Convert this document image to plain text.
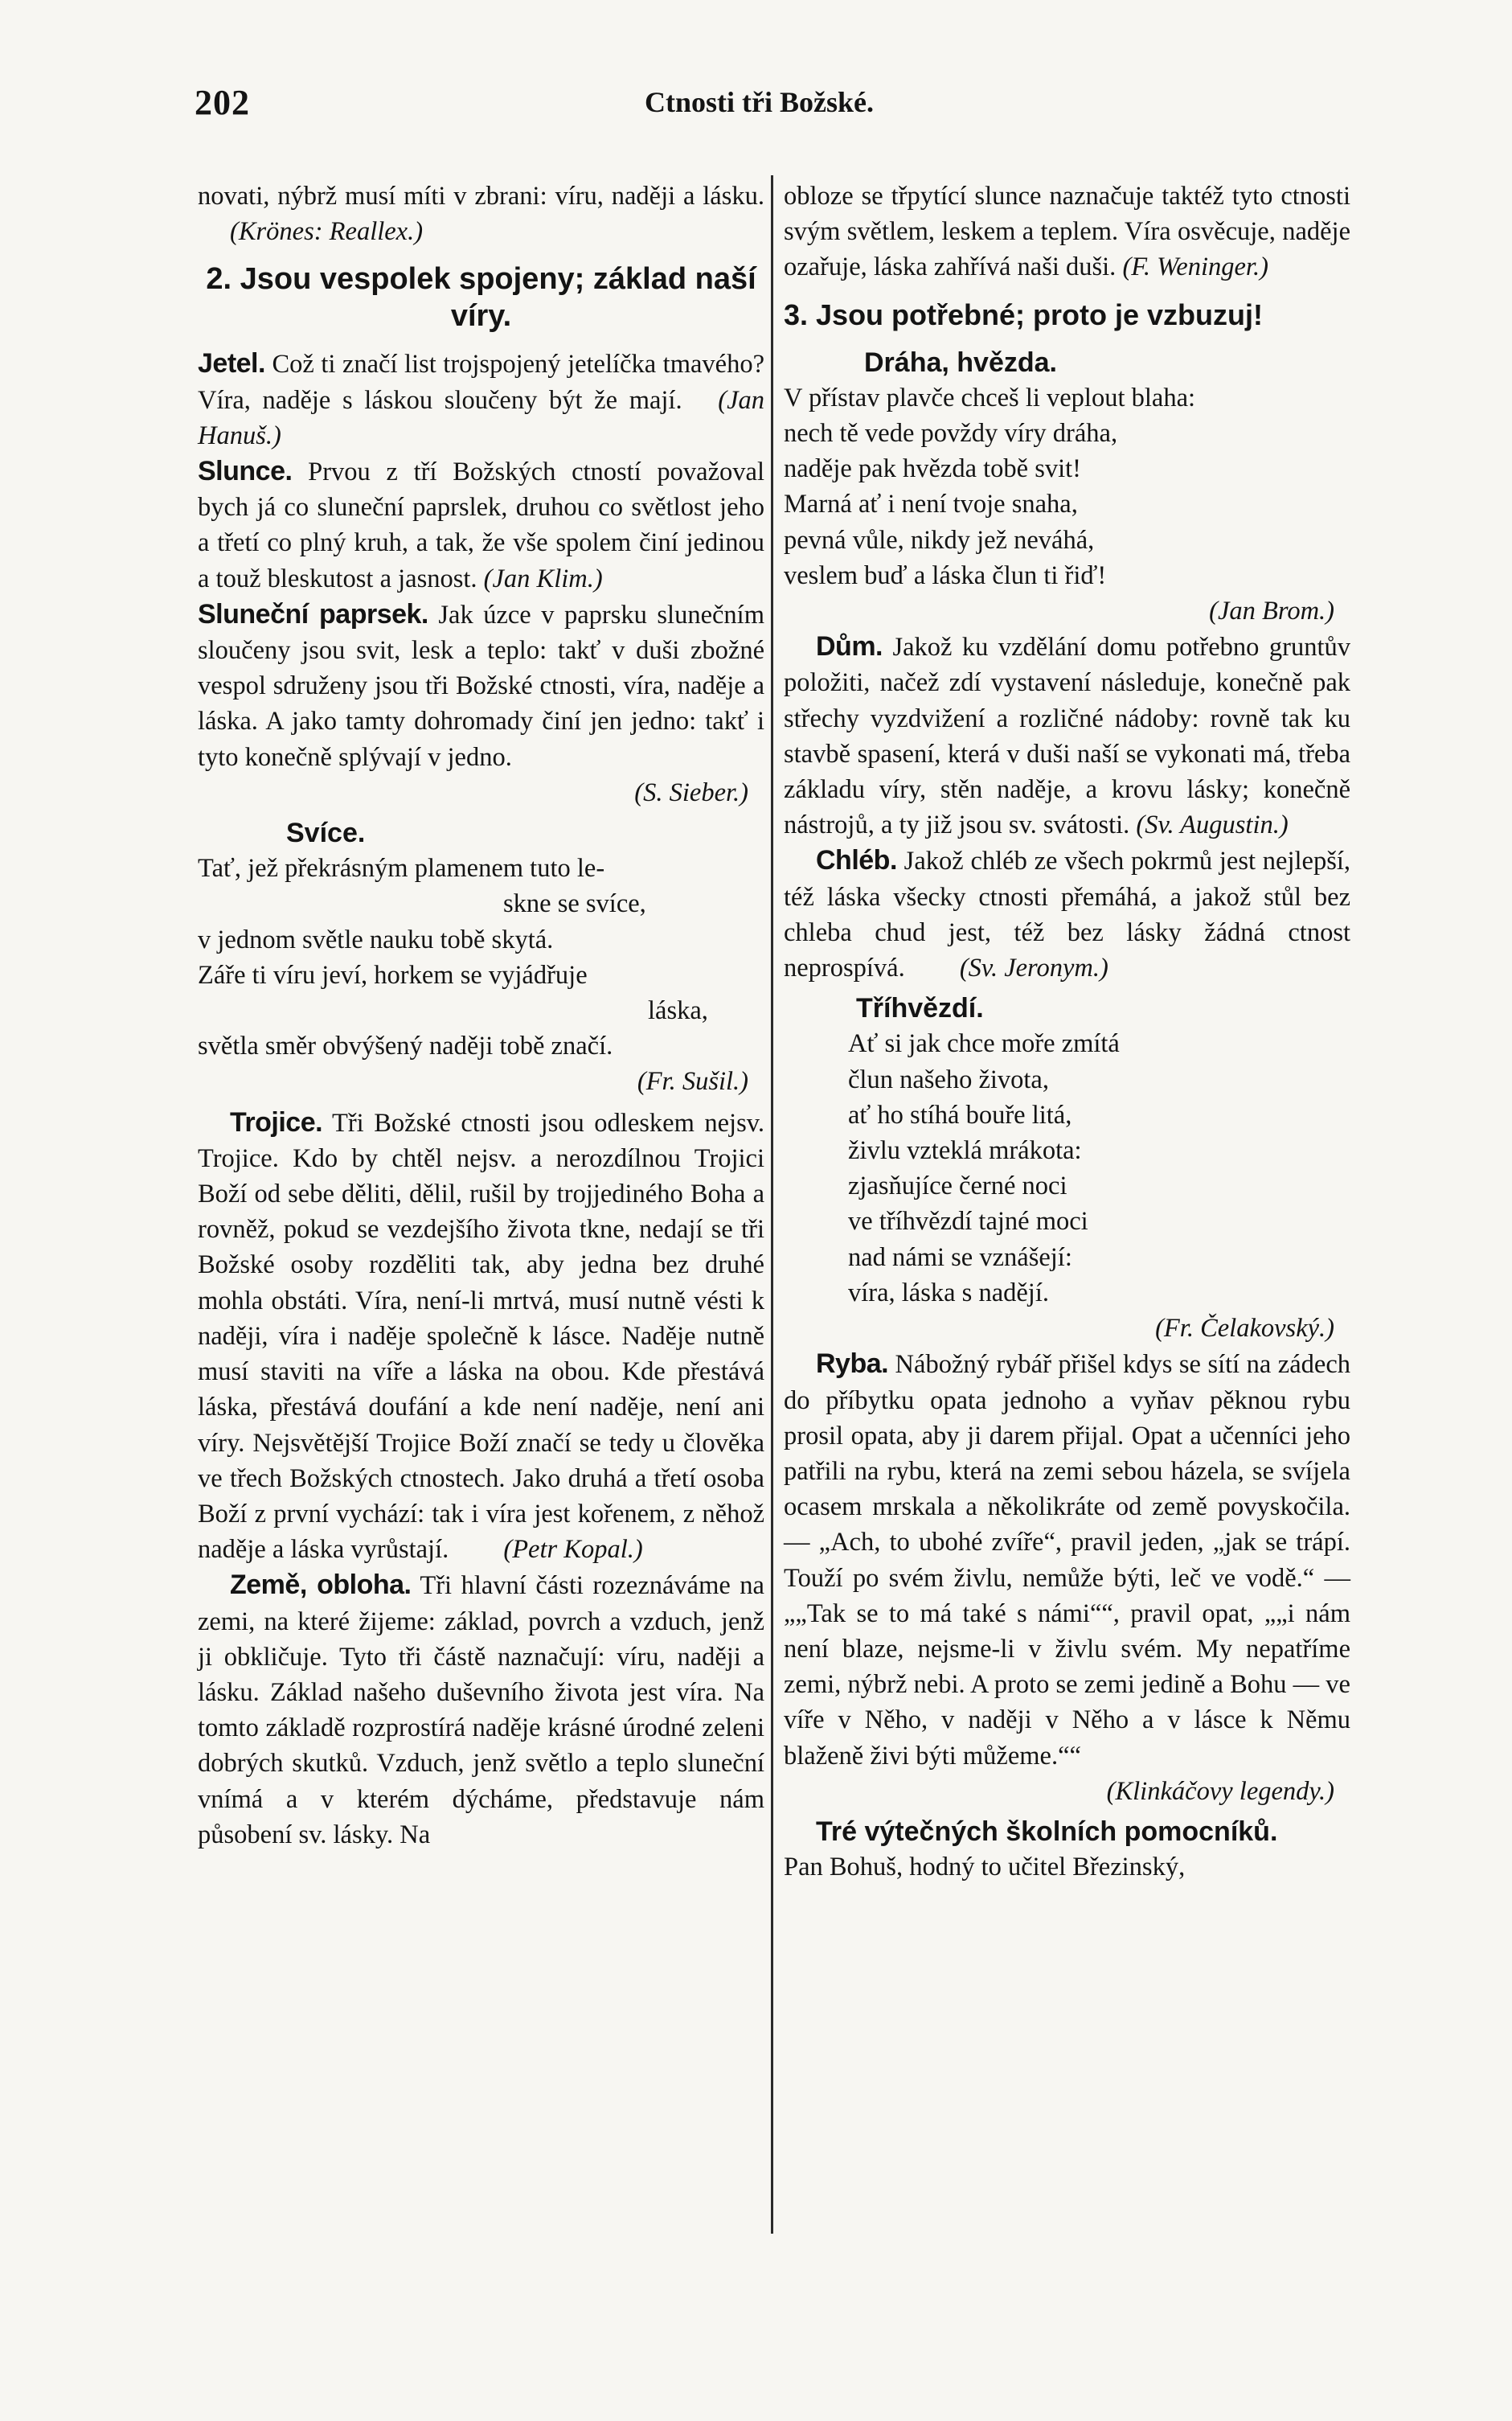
202	Ctnosti tři Božské.

novati, nýbrž musí míti v zbrani: víru, naději a lásku. (Krönes: Reallex.)

2. Jsou vespolek spojeny; základ naší víry.

Jetel. Což ti značí list trojspojený jetelíčka tmavého? Víra, naděje s láskou sloučeny být že mají. (Jan Hanuš.)

Slunce. Prvou z tří Božských ctností považoval bych já co sluneční paprslek, druhou co světlost jeho a třetí co plný kruh, a tak, že vše spolem činí jedinou a touž bleskutost a jasnost. (Jan Klim.)

Sluneční paprsek. Jak úzce v paprsku slunečním sloučeny jsou svit, lesk a teplo: takť v duši zbožné vespol sdruženy jsou tři Božské ctnosti, víra, naděje a láska. A jako tamty dohromady činí jen jedno: takť i tyto konečně splývají v jedno.

(S. Sieber.)

Svíce.

Tať, jež překrásným plamenem tuto le-

skne se svíce,

v jednom světle nauku tobě skytá.

Záře ti víru jeví, horkem se vyjádřuje

láska,

světla směr obvýšený naději tobě značí.

(Fr. Sušil.)

Trojice. Tři Božské ctnosti jsou odleskem nejsv. Trojice. Kdo by chtěl nejsv. a nerozdílnou Trojici Boží od sebe děliti, dělil, rušil by trojjediného Boha a rovněž, pokud se vezdejšího života tkne, nedají se tři Božské osoby rozděliti tak, aby jedna bez druhé mohla obstáti. Víra, není-li mrtvá, musí nutně vésti k naději, víra i naděje společně k lásce. Naděje nutně musí staviti na víře a láska na obou. Kde přestává láska, přestává doufání a kde není naděje, není ani víry. Nejsvětější Trojice Boží značí se tedy u člověka ve třech Božských ctnostech. Jako druhá a třetí osoba Boží z první vychází: tak i víra jest kořenem, z něhož naděje a láska vyrůstají. (Petr Kopal.)

Země, obloha. Tři hlavní části rozeznáváme na zemi, na které žijeme: základ, povrch a vzduch, jenž ji obkličuje. Tyto tři částě naznačují: víru, naději a lásku. Základ našeho duševního života jest víra. Na tomto základě rozprostírá naděje krásné úrodné zeleni dobrých skutků. Vzduch, jenž světlo a teplo sluneční vnímá a v kterém dýcháme, představuje nám působení sv. lásky. Na

obloze se třpytící slunce naznačuje taktéž tyto ctnosti svým světlem, leskem a teplem. Víra osvěcuje, naděje ozařuje, láska zahřívá naši duši. (F. Weninger.)

3. Jsou potřebné; proto je vzbuzuj!
Dráha, hvězda.

V přístav plavče chceš li veplout blaha:

nech tě vede povždy víry dráha,

naděje pak hvězda tobě svit!

Marná ať i není tvoje snaha,

pevná vůle, nikdy jež neváhá,

veslem buď a láska člun ti řiď!

(Jan Brom.)

Dům. Jakož ku vzdělání domu potřebno gruntův položiti, načež zdí vystavení následuje, konečně pak střechy vyzdvižení a rozličné nádoby: rovně tak ku stavbě spasení, která v duši naší se vykonati má, třeba základu víry, stěn naděje, a krovu lásky; konečně nástrojů, a ty již jsou sv. svátosti. (Sv. Augustin.)

Chléb. Jakož chléb ze všech pokrmů jest nejlepší, též láska všecky ctnosti přemáhá, a jakož stůl bez chleba chud jest, též bez lásky žádná ctnost neprospívá. (Sv. Jeronym.)

Tříhvězdí.

Ať si jak chce moře zmítá

člun našeho života,

ať ho stíhá bouře litá,

živlu vzteklá mrákota:

zjasňujíce černé noci

ve tříhvězdí tajné moci

nad námi se vznášejí:

víra, láska s nadějí.

(Fr. Čelakovský.)

Ryba. Nábožný rybář přišel kdys se sítí na zádech do příbytku opata jednoho a vyňav pěknou rybu prosil opata, aby ji darem přijal. Opat a učenníci jeho patřili na rybu, která na zemi sebou házela, se svíjela ocasem mrskala a několikráte od země povyskočila. — „Ach, to ubohé zvíře“, pravil jeden, „jak se trápí. Touží po svém živlu, nemůže býti, leč ve vodě.“ — „„Tak se to má také s námi““, pravil opat, „„i nám není blaze, nejsme-li v živlu svém. My nepatříme zemi, nýbrž nebi. A proto se zemi jedině a Bohu — ve víře v Něho, v naději v Něho a v lásce k Němu blaženě živi býti můžeme.““

(Klinkáčovy legendy.)

Tré výtečných školních pomocníků.

Pan Bohuš, hodný to učitel Březinský,
